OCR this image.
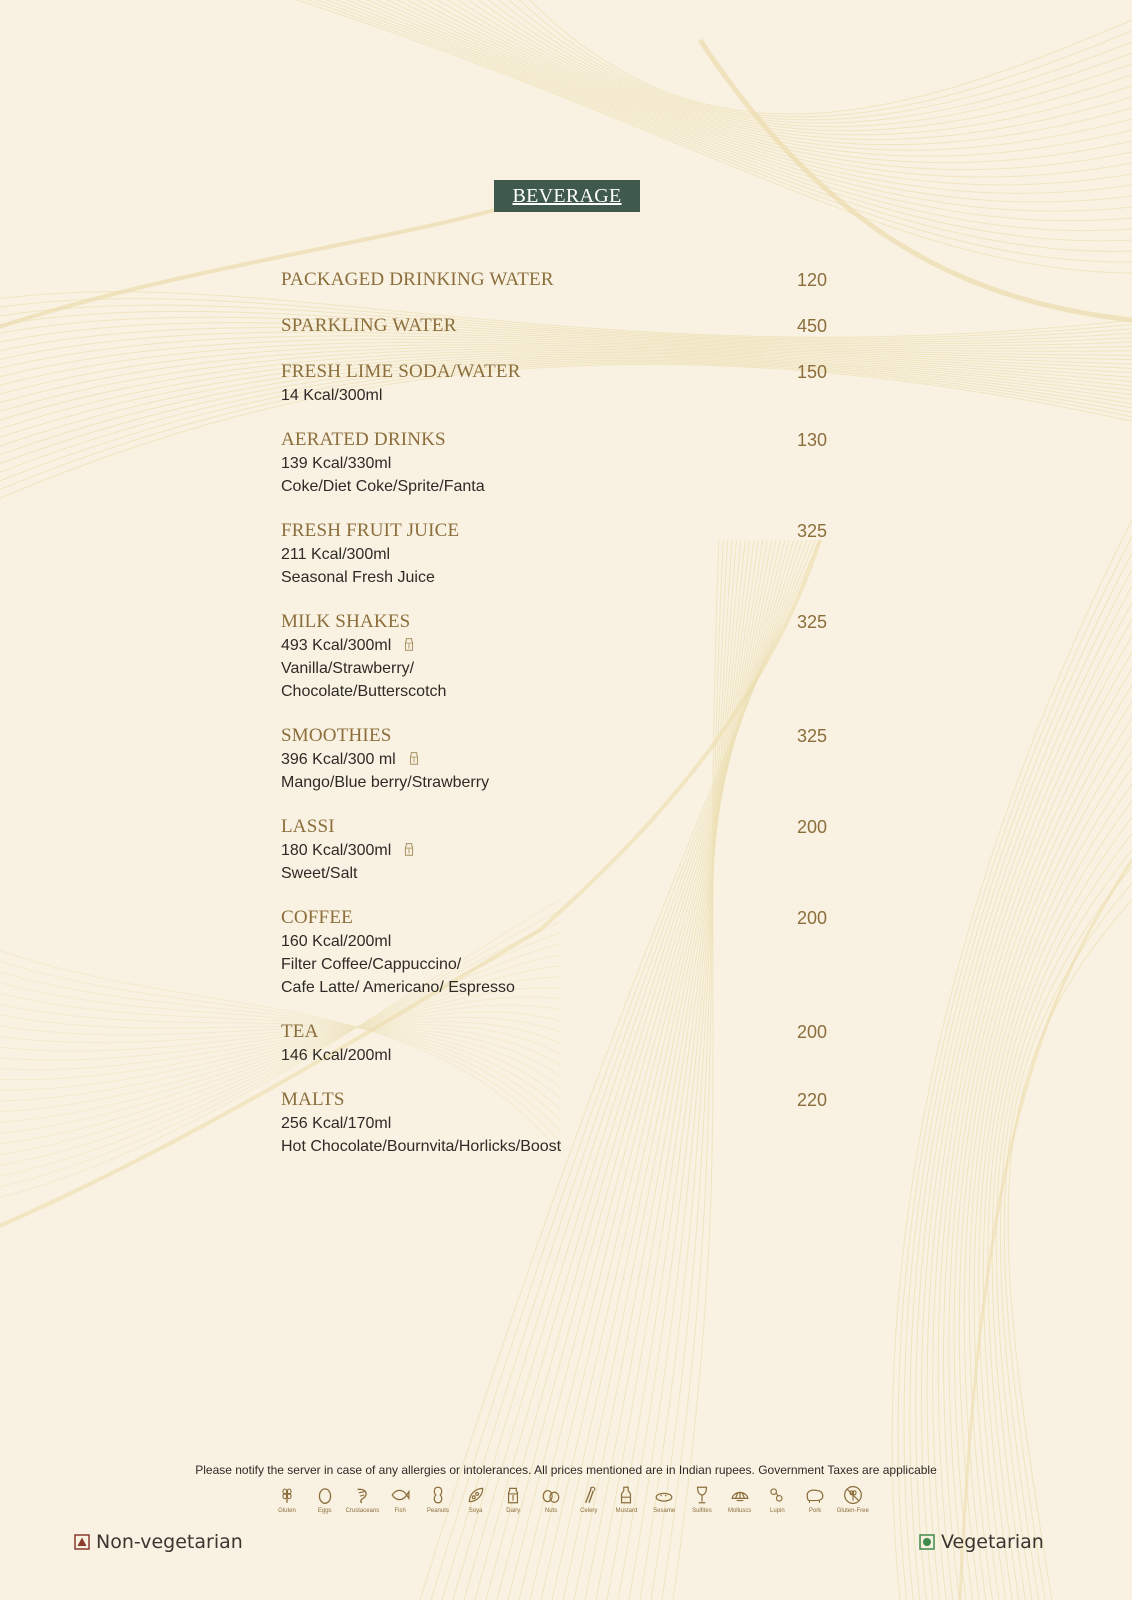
BEVERAGE
PACKAGED DRINKING WATER	120
SPARKLING WATER	450
FRESH LIME SODA/WATER	150
14 Kcal/300ml
AERATED DRINKS	130
139 Kcal/330ml
Coke/Diet Coke/Sprite/Fanta
FRESH FRUIT JUICE	325
211 Kcal/300ml
Seasonal Fresh Juice
MILK SHAKES	325
493 Kcal/300ml
Vanilla/Strawberry/
Chocolate/Butterscotch
SMOOTHIES	325
396 Kcal/300 ml
Mango/Blue berry/Strawberry
LASSI	200
180 Kcal/300ml
Sweet/Salt
COFFEE	200
160 Kcal/200ml
Filter Coffee/Cappuccino/
Cafe Latte/ Americano/ Espresso
TEA	200
146 Kcal/200ml
MALTS	220
256 Kcal/170ml
Hot Chocolate/Bournvita/Horlicks/Boost
Please notify the server in case of any allergies or intolerances. All prices mentioned are in Indian rupees. Government Taxes are applicable
Gluten	Eggs	Crustaceans	Fish	Peanuts	Soya	Dairy	Nuts	Celery	Mustard	Sesame	Sulfites	Molluscs	Lupin	Pork	Gluten-Free
Non-vegetarian	Vegetarian
